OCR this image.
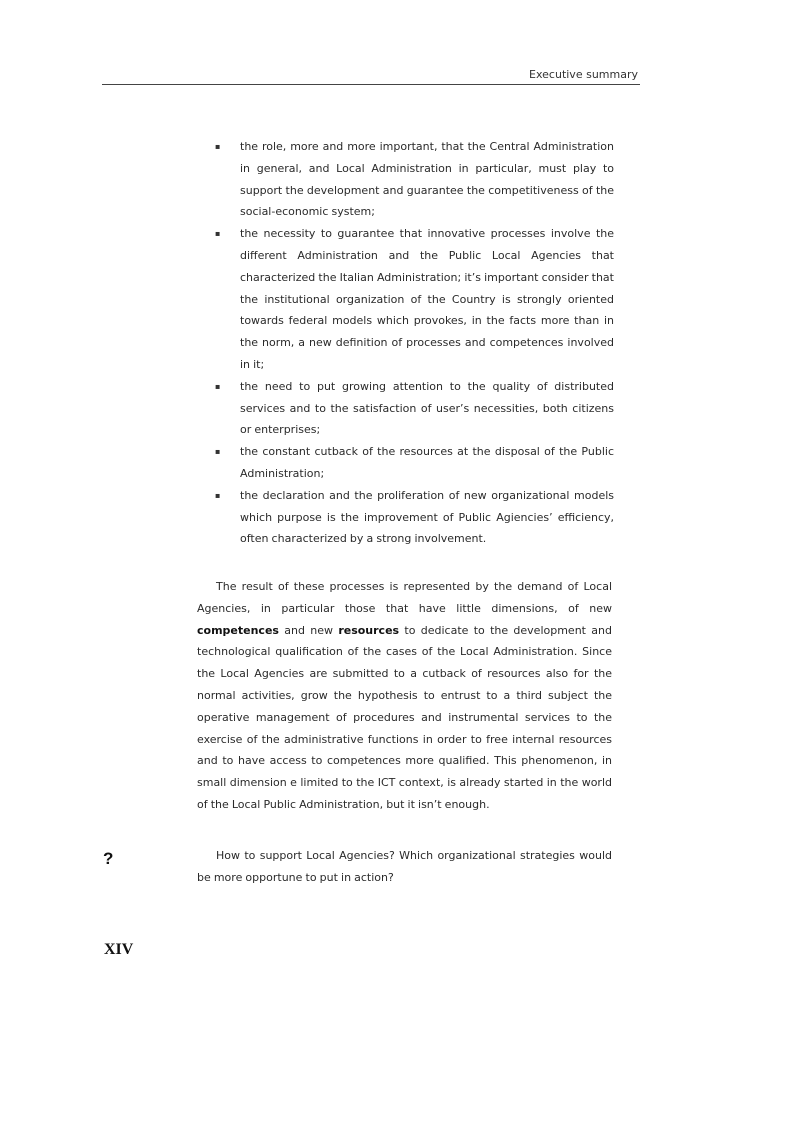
Executive summary
▪ the role, more and more important, that the Central Administration in general, and Local Administration in particular, must play to support the development and guarantee the competitiveness of the social-economic system;
▪ the necessity to guarantee that innovative processes involve the different Administration and the Public Local Agencies that characterized the Italian Administration; it’s important consider that the institutional organization of the Country is strongly oriented towards federal models which provokes, in the facts more than in the norm, a new definition of processes and competences involved in it;
▪ the need to put growing attention to the quality of distributed services and to the satisfaction of user’s necessities, both citizens or enterprises;
▪ the constant cutback of the resources at the disposal of the Public Administration;
▪ the declaration and the proliferation of new organizational models which purpose is the improvement of Public Agiencies’ efficiency, often characterized by a strong involvement.

The result of these processes is represented by the demand of Local Agencies, in particular those that have little dimensions, of new competences and new resources to dedicate to the development and technological qualification of the cases of the Local Administration. Since the Local Agencies are submitted to a cutback of resources also for the normal activities, grow the hypothesis to entrust to a third subject the operative management of procedures and instrumental services to the exercise of the administrative functions in order to free internal resources and to have access to competences more qualified. This phenomenon, in small dimension e limited to the ICT context, is already started in the world of the Local Public Administration, but it isn’t enough.

?	How to support Local Agencies? Which organizational strategies would be more opportune to put in action?

XIV
